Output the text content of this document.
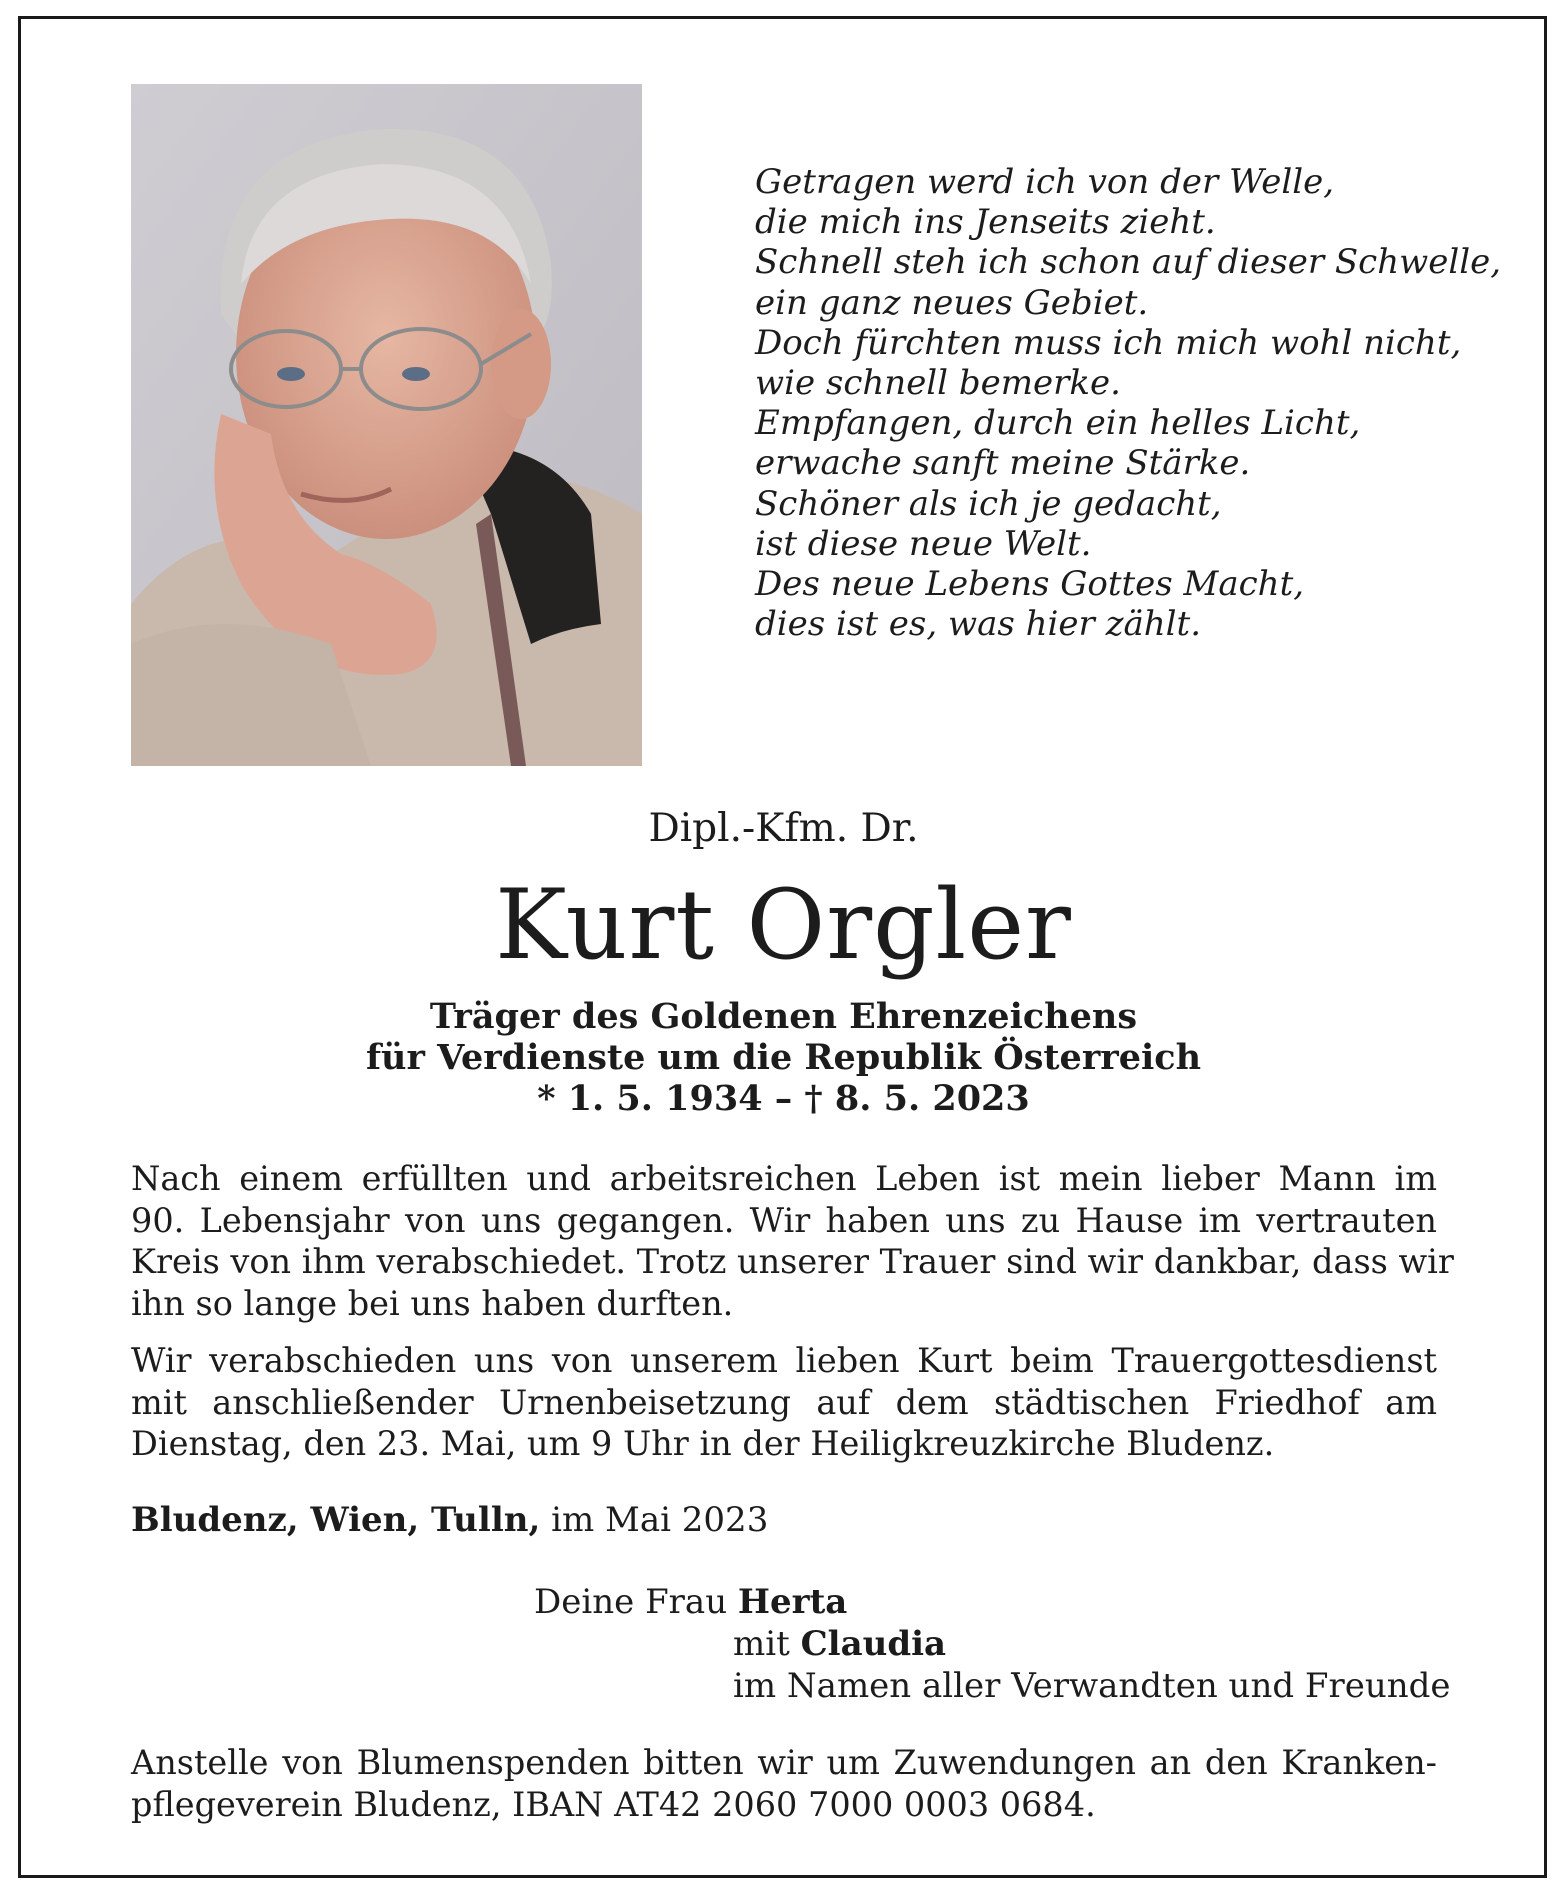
Getragen werd ich von der Welle,
die mich ins Jenseits zieht.
Schnell steh ich schon auf dieser Schwelle,
ein ganz neues Gebiet.
Doch fürchten muss ich mich wohl nicht,
wie schnell bemerke.
Empfangen, durch ein helles Licht,
erwache sanft meine Stärke.
Schöner als ich je gedacht,
ist diese neue Welt.
Des neue Lebens Gottes Macht,
dies ist es, was hier zählt.
Dipl.-Kfm. Dr.
Kurt Orgler
Träger des Goldenen Ehrenzeichens
für Verdienste um die Republik Österreich
* 1. 5. 1934 – † 8. 5. 2023
Nach einem erfüllten und arbeitsreichen Leben ist mein lieber Mann im
90. Lebensjahr von uns gegangen. Wir haben uns zu Hause im vertrauten
Kreis von ihm verabschiedet. Trotz unserer Trauer sind wir dankbar, dass wir
ihn so lange bei uns haben durften.
Wir verabschieden uns von unserem lieben Kurt beim Trauergottesdienst
mit anschließender Urnenbeisetzung auf dem städtischen Friedhof am
Dienstag, den 23. Mai, um 9 Uhr in der Heiligkreuzkirche Bludenz.
Bludenz, Wien, Tulln, im Mai 2023
Deine Frau Herta
mit Claudia
im Namen aller Verwandten und Freunde
Anstelle von Blumenspenden bitten wir um Zuwendungen an den Kranken-
pflegeverein Bludenz, IBAN AT42 2060 7000 0003 0684.
